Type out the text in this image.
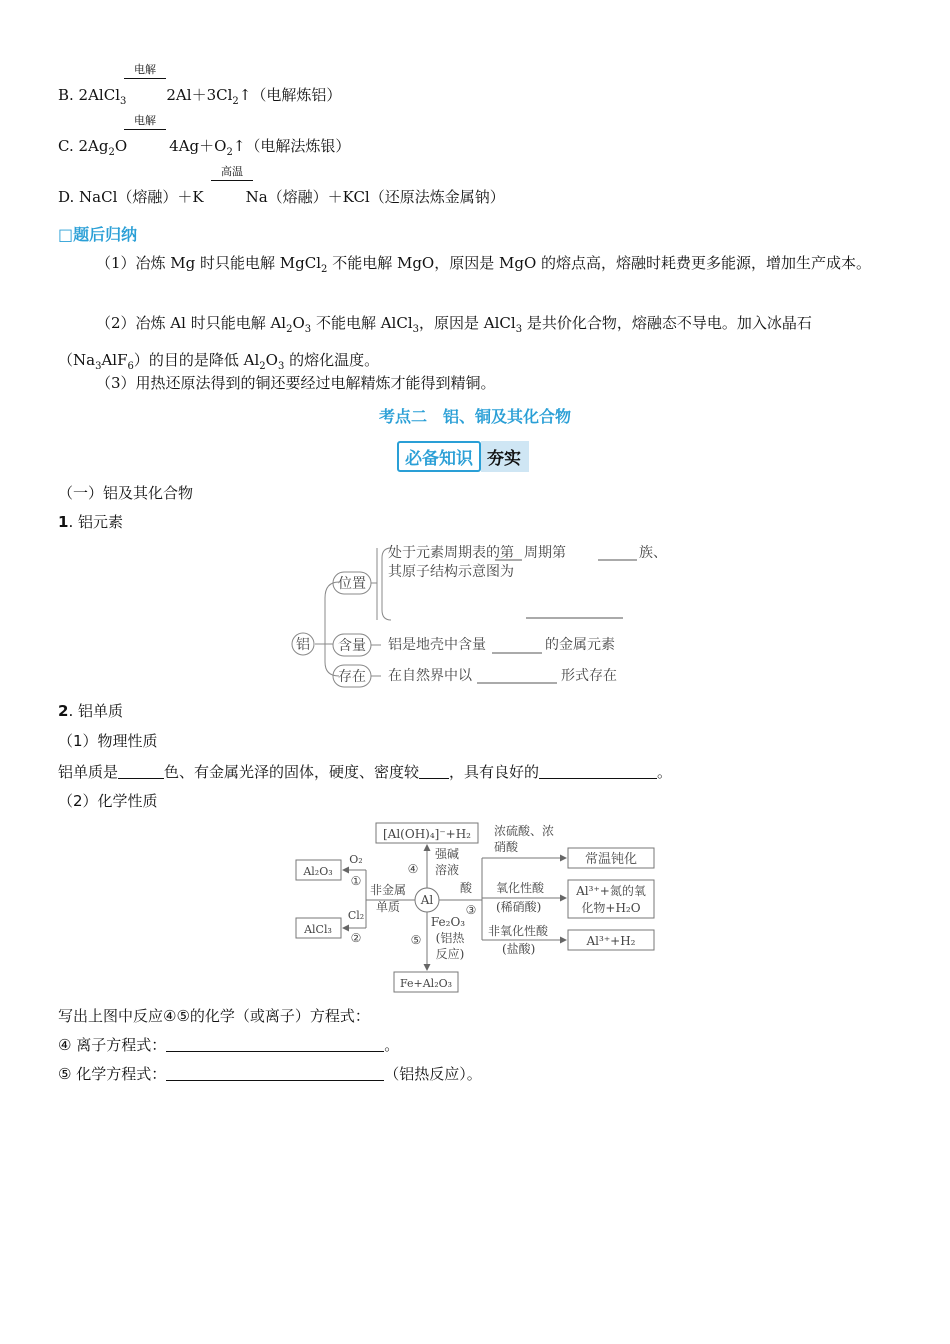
电解
B. 2AlCl$_3$	$2Al+3Cl_2↑$（电解炼铝）
电解
C. $2Ag_2O$	$4Ag+O_2↑$（电解法炼银）
高温
D. NaCl（熔融）＋K	Na（熔融）＋KCl（还原法炼金属钠）
□题后归纳
（1）冶炼 Mg 时只能电解 MgCl$_2$ 不能电解 MgO，原因是 MgO 的熔点高，熔融时耗费更多能源，增加生产成本。
（2）冶炼 Al 时只能电解 $Al_2O_3$ 不能电解 AlCl$_3$，原因是 AlCl$_3$ 是共价化合物，熔融态不导电。加入冰晶石$(Na_3AlF_6)$的目的是降低 $Al_2O_3$ 的熔化温度。
（3）用热还原法得到的铜还要经过电解精炼才能得到精铜。
考点二　铝、铜及其化合物
必备知识 夯实
（一）铝及其化合物
1. 铝元素
铝
位置
含量
存在
处于元素周期表的第 周期第	族、
其原子结构示意图为
铝是地壳中含量	的金属元素
在自然界中以	形式存在
2. 铝单质
（1）物理性质
铝单质是	色、有金属光泽的固体，硬度、密度较 ，具有良好的	。
（2）化学性质
Al
[Al(OH)₄]⁻+H₂
强碱
溶液
④
非金属
单质
O₂
①
Al₂O₃
Cl₂
②
AlCl₃
Fe₂O₃
⑤ (铝热
反应)
Fe+Al₂O₃
酸
③
浓硫酸、浓
硝酸
常温钝化
氧化性酸
(稀硝酸)
Al³⁺+氮的氧
化物+H₂O
非氧化性酸
(盐酸)
Al³⁺+H₂
写出上图中反应④⑤的化学（或离子）方程式：
④ 离子方程式：	。
⑤ 化学方程式：	（铝热反应）。
